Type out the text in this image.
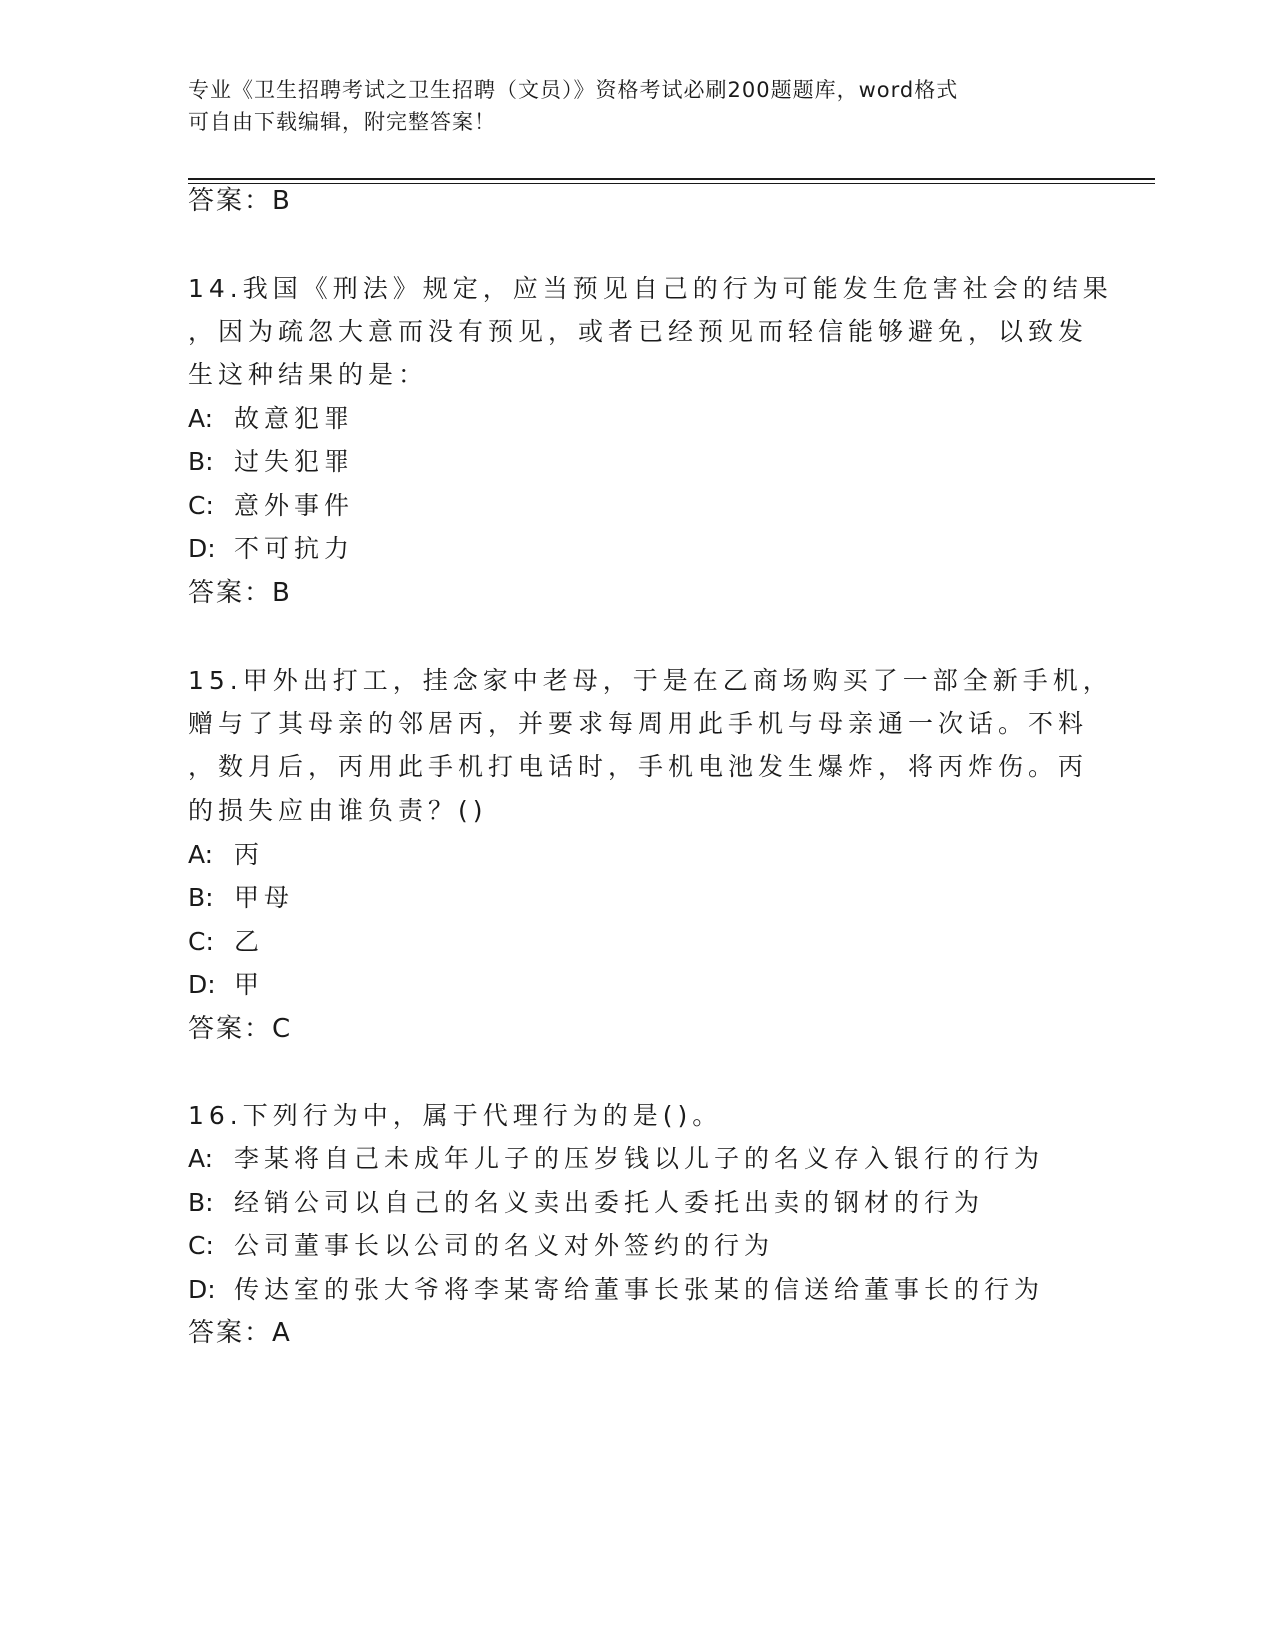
专业《卫生招聘考试之卫生招聘（文员）》资格考试必刷200题题库，word格式
可自由下载编辑，附完整答案！
答案：B
14.我国《刑法》规定，应当预见自己的行为可能发生危害社会的结果
，因为疏忽大意而没有预见，或者已经预见而轻信能够避免，以致发
生这种结果的是：
A: 故意犯罪
B: 过失犯罪
C: 意外事件
D: 不可抗力
答案：B
15.甲外出打工，挂念家中老母，于是在乙商场购买了一部全新手机，
赠与了其母亲的邻居丙，并要求每周用此手机与母亲通一次话。不料
，数月后，丙用此手机打电话时，手机电池发生爆炸，将丙炸伤。丙
的损失应由谁负责？()
A: 丙
B: 甲母
C: 乙
D: 甲
答案：C
16.下列行为中，属于代理行为的是()。
A: 李某将自己未成年儿子的压岁钱以儿子的名义存入银行的行为
B: 经销公司以自己的名义卖出委托人委托出卖的钢材的行为
C: 公司董事长以公司的名义对外签约的行为
D: 传达室的张大爷将李某寄给董事长张某的信送给董事长的行为
答案：A
